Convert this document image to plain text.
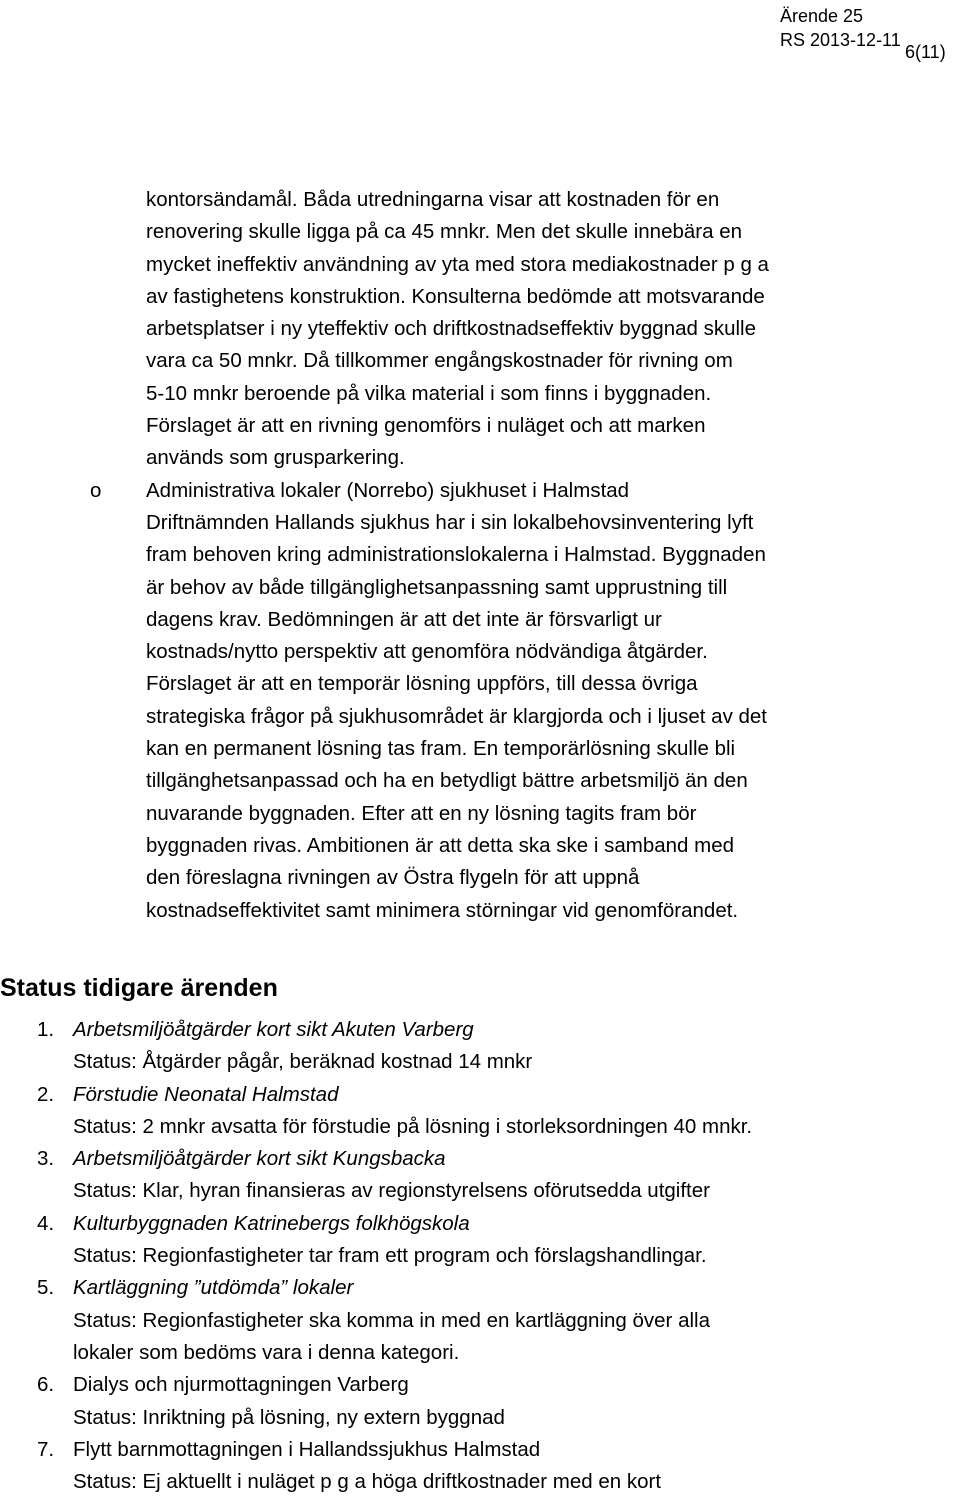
Ärende 25
RS 2013-12-11
6(11)
kontorsändamål. Båda utredningarna visar att kostnaden för en
renovering skulle ligga på ca 45 mnkr. Men det skulle innebära en
mycket ineffektiv användning av yta med stora mediakostnader p g a
av fastighetens konstruktion. Konsulterna bedömde att motsvarande
arbetsplatser i ny yteffektiv och driftkostnadseffektiv byggnad skulle
vara ca 50 mnkr. Då tillkommer engångskostnader för rivning om
5-10 mnkr beroende på vilka material i som finns i byggnaden.
Förslaget är att en rivning genomförs i nuläget och att marken
används som grusparkering.
o Administrativa lokaler (Norrebo) sjukhuset i Halmstad
Driftnämnden Hallands sjukhus har i sin lokalbehovsinventering lyft
fram behoven kring administrationslokalerna i Halmstad. Byggnaden
är behov av både tillgänglighetsanpassning samt upprustning till
dagens krav. Bedömningen är att det inte är försvarligt ur
kostnads/nytto perspektiv att genomföra nödvändiga åtgärder.
Förslaget är att en temporär lösning uppförs, till dessa övriga
strategiska frågor på sjukhusområdet är klargjorda och i ljuset av det
kan en permanent lösning tas fram. En temporärlösning skulle bli
tillgänghetsanpassad och ha en betydligt bättre arbetsmiljö än den
nuvarande byggnaden. Efter att en ny lösning tagits fram bör
byggnaden rivas. Ambitionen är att detta ska ske i samband med
den föreslagna rivningen av Östra flygeln för att uppnå
kostnadseffektivitet samt minimera störningar vid genomförandet.
Status tidigare ärenden
1. Arbetsmiljöåtgärder kort sikt Akuten Varberg
Status: Åtgärder pågår, beräknad kostnad 14 mnkr
2. Förstudie Neonatal Halmstad
Status: 2 mnkr avsatta för förstudie på lösning i storleksordningen 40 mnkr.
3. Arbetsmiljöåtgärder kort sikt Kungsbacka
Status: Klar, hyran finansieras av regionstyrelsens oförutsedda utgifter
4. Kulturbyggnaden Katrinebergs folkhögskola
Status: Regionfastigheter tar fram ett program och förslagshandlingar.
5. Kartläggning ”utdömda” lokaler
Status: Regionfastigheter ska komma in med en kartläggning över alla
lokaler som bedöms vara i denna kategori.
6. Dialys och njurmottagningen Varberg
Status: Inriktning på lösning, ny extern byggnad
7. Flytt barnmottagningen i Hallandssjukhus Halmstad
Status: Ej aktuellt i nuläget p g a höga driftkostnader med en kort
